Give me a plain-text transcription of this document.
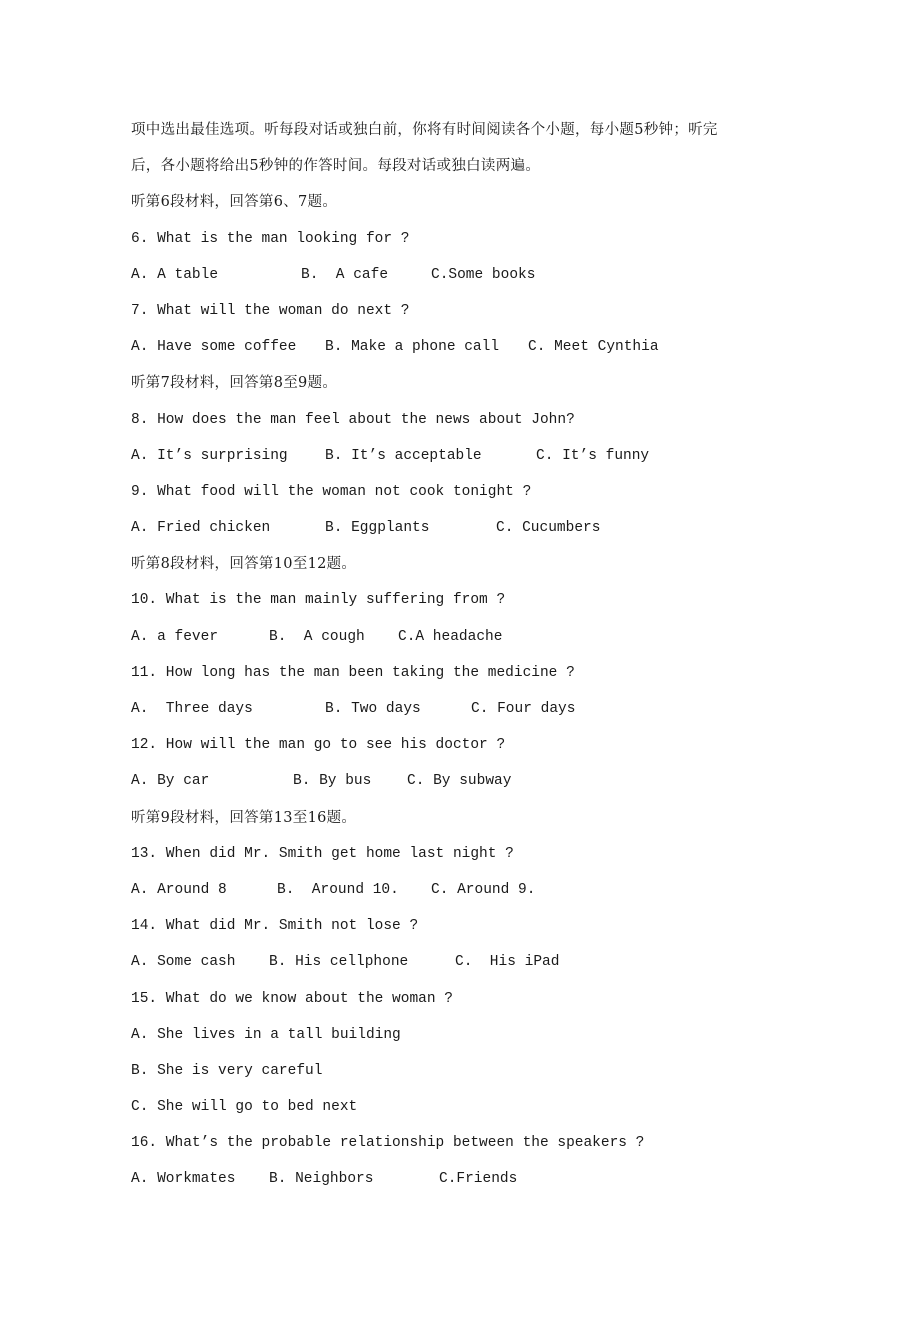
项中选出最佳选项。听每段对话或独白前，你将有时间阅读各个小题，每小题5秒钟；听完
后，各小题将给出5秒钟的作答时间。每段对话或独白读两遍。
听第6段材料，回答第6、7题。
6. What is the man looking for ?

A. A table

	B.  A cafe

	C.Some books

7. What will the woman do next ?

A. Have some coffee

B. Make a phone call

C. Meet Cynthia

听第7段材料，回答第8至9题。
8. How does the man feel about the news about John?

A. It’s surprising

	B. It’s acceptable

	C. It’s funny

9. What food will the woman not cook tonight ?

A. Fried chicken

	B. Eggplants

	C. Cucumbers

听第8段材料，回答第10至12题。
10. What is the man mainly suffering from ?

A. a fever

	B.  A cough

C.A headache

11. How long has the man been taking the medicine ?

A.  Three days

	B. Two days

	C. Four days

12. How will the man go to see his doctor ?

A. By car

	B. By bus

C. By subway

听第9段材料，回答第13至16题。
13. When did Mr. Smith get home last night ?

A. Around 8

	B.  Around 10.

C. Around 9.

14. What did Mr. Smith not lose ?

A. Some cash

B. His cellphone

	C.  His iPad

15. What do we know about the woman ?
A. She lives in a tall building
B. She is very careful
C. She will go to bed next
16. What’s the probable relationship between the speakers ?

A. Workmates

B. Neighbors

	C.Friends
